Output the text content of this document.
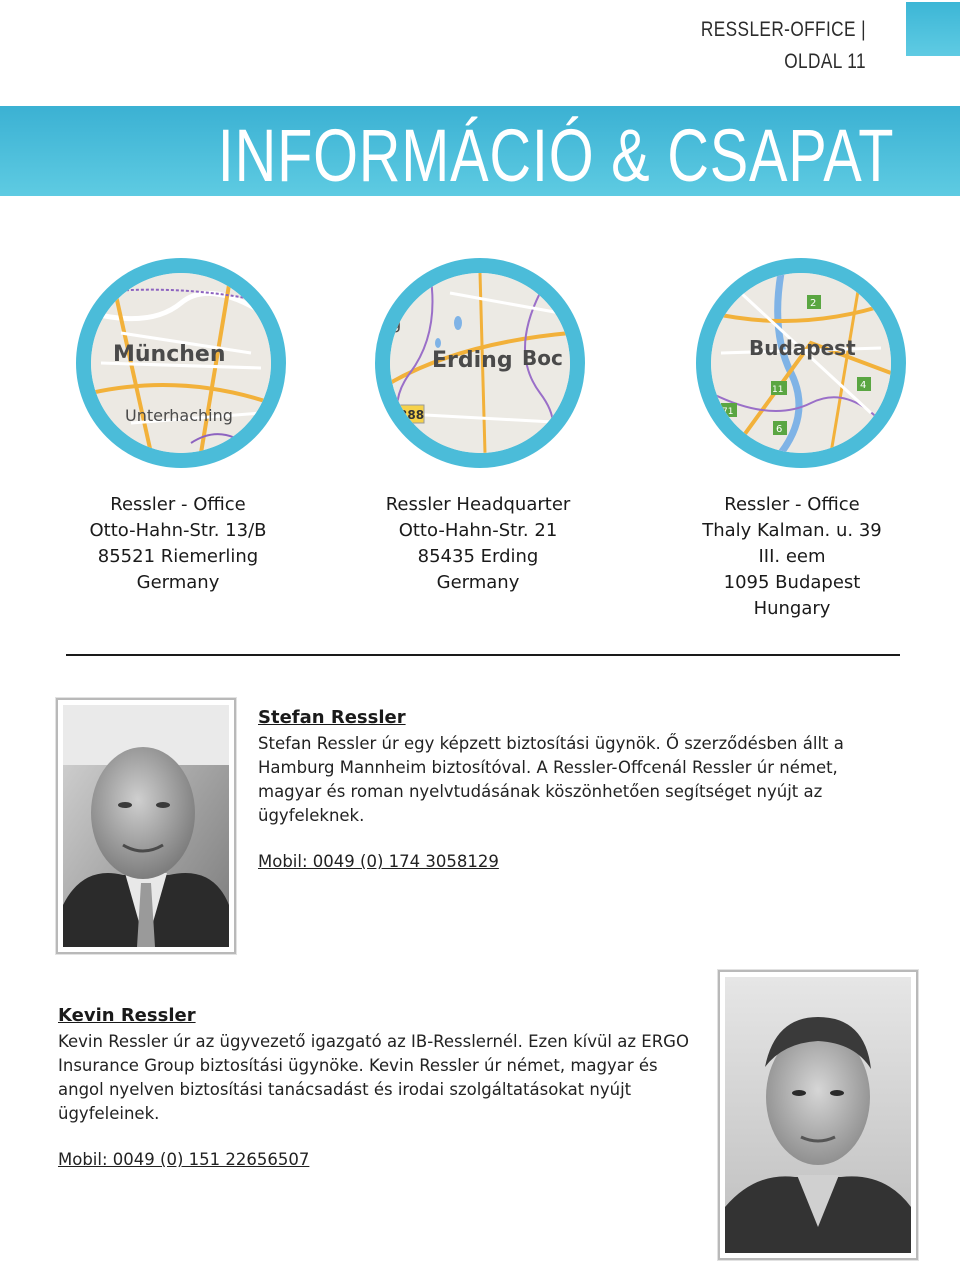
RESSLER-OFFICE | OLDAL 11
INFORMÁCIÓ & CSAPAT
München
Unterhaching
g
Erding Boc
388
Budapest
2
4
11
6
71
Ressler - Office
Otto-Hahn-Str. 13/B
85521 Riemerling
Germany
Ressler Headquarter
Otto-Hahn-Str. 21
85435 Erding
Germany
Ressler - Office
Thaly Kalman. u. 39
III. eem
1095 Budapest
Hungary
Stefan Ressler
Stefan Ressler úr egy képzett biztosítási ügynök. Ő szerződésben állt a Hamburg Mannheim biztosítóval. A Ressler-Offcenál Ressler úr német, magyar és roman nyelvtudásának köszönhetően segítséget nyújt az ügyfeleknek.
Mobil: 0049 (0) 174 3058129
Kevin Ressler
Kevin Ressler úr az ügyvezető igazgató az IB-Resslernél. Ezen kívül az ERGO Insurance Group biztosítási ügynöke. Kevin Ressler úr német, magyar és angol nyelven biztosítási tanácsadást és irodai szolgáltatásokat nyújt ügyfeleinek.
Mobil: 0049 (0) 151 22656507
